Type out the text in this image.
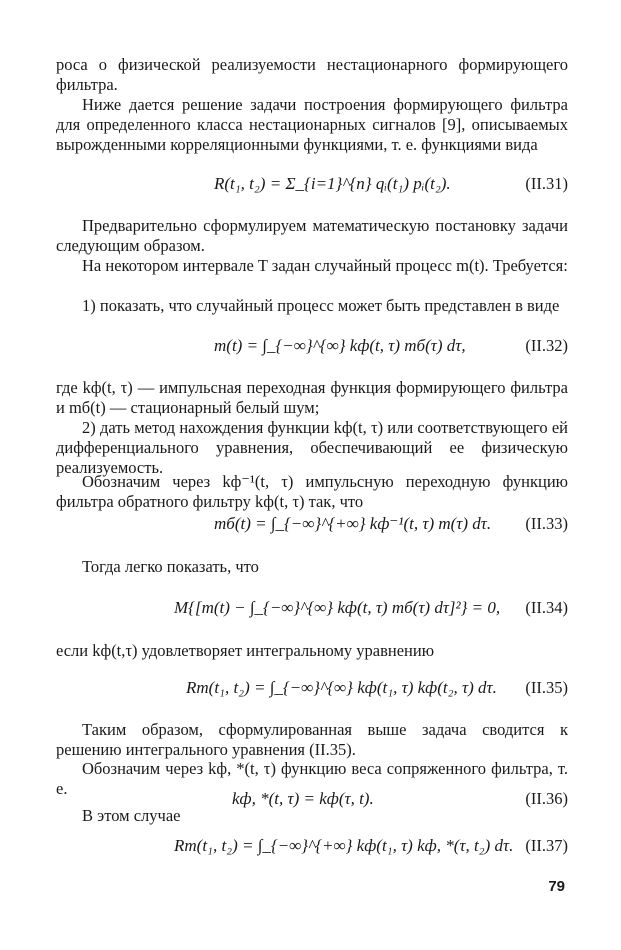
роса о физической реализуемости нестационарного формирующего фильтра.

Ниже дается решение задачи построения формирующего фильтра для определенного класса нестационарных сигналов [9], описываемых вырожденными корреляционными функциями, т. е. функциями вида

R(t₁, t₂) = Σ_{i=1}^{n} qᵢ(t₁) pᵢ(t₂).	(II.31)

Предварительно сформулируем математическую постановку задачи следующим образом.

На некотором интервале T задан случайный процесс m(t). Требуется:

1) показать, что случайный процесс может быть представлен в виде

m(t) = ∫_{−∞}^{∞} kф(t, τ) mб(τ) dτ,	(II.32)

где kф(t, τ) — импульсная переходная функция формирующего фильтра и mб(t) — стационарный белый шум;

2) дать метод нахождения функции kф(t, τ) или соответствующего ей дифференциального уравнения, обеспечивающий ее физическую реализуемость.

Обозначим через kф⁻¹(t, τ) импульсную переходную функцию фильтра обратного фильтру kф(t, τ) так, что

mб(t) = ∫_{−∞}^{+∞} kф⁻¹(t, τ) m(τ) dτ. (II.33)

Тогда легко показать, что

M{[m(t) − ∫_{−∞}^{∞} kф(t, τ) mб(τ) dτ]²} = 0, (II.34)

если kф(t,τ) удовлетворяет интегральному уравнению

Rm(t₁, t₂) = ∫_{−∞}^{∞} kф(t₁, τ) kф(t₂, τ) dτ. (II.35)

Таким образом, сформулированная выше задача сводится к решению интегрального уравнения (II.35).

Обозначим через kф, *(t, τ) функцию веса сопряженного фильтра, т. е.

kф, *(t, τ) = kф(τ, t).	(II.36)

В этом случае

Rm(t₁, t₂) = ∫_{−∞}^{+∞} kф(t₁, τ) kф, *(τ, t₂) dτ. (II.37)
79
